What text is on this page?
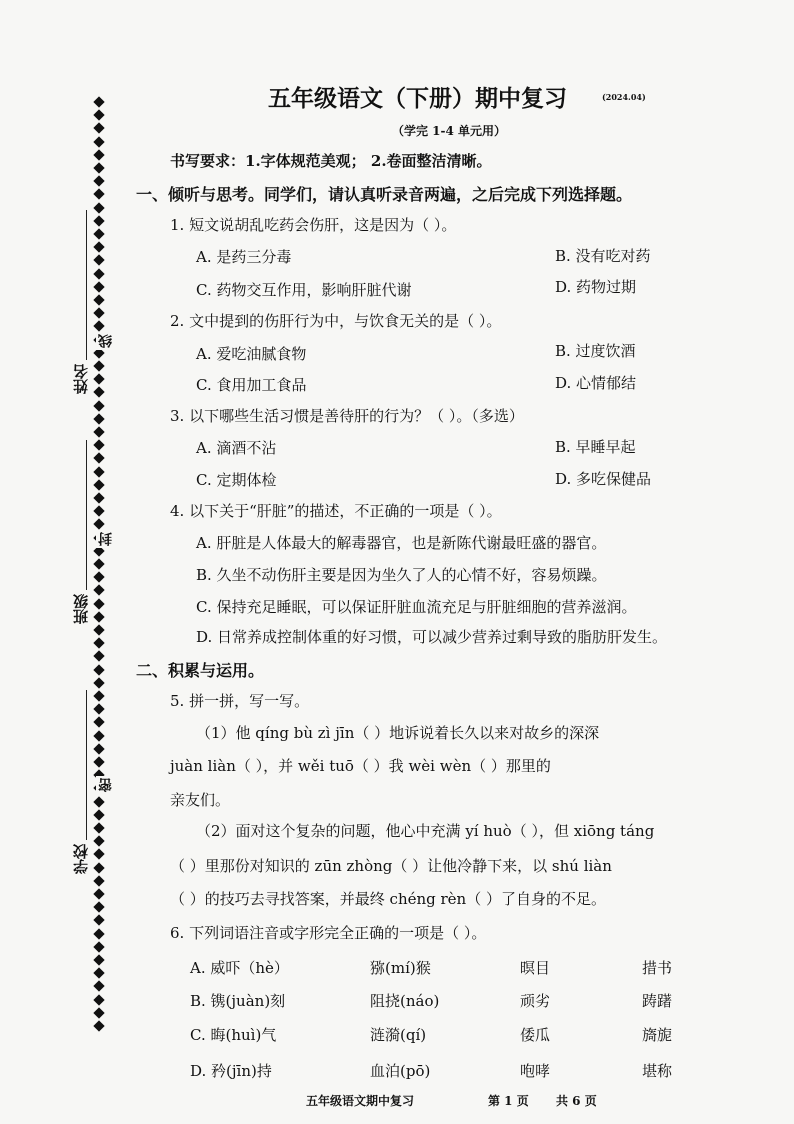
姓名
班级
学校
线
封
密
五年级语文（下册）期中复习	(2024.04)
（学完 1-4 单元用）
书写要求：1.字体规范美观； 2.卷面整洁清晰。
一、倾听与思考。同学们，请认真听录音两遍，之后完成下列选择题。
1. 短文说胡乱吃药会伤肝，这是因为（ ）。
A. 是药三分毒	B. 没有吃对药
C. 药物交互作用，影响肝脏代谢	D. 药物过期
2. 文中提到的伤肝行为中，与饮食无关的是（ ）。
A. 爱吃油腻食物	B. 过度饮酒
C. 食用加工食品	D. 心情郁结
3. 以下哪些生活习惯是善待肝的行为？（ ）。（多选）
A. 滴酒不沾	B. 早睡早起
C. 定期体检	D. 多吃保健品
4. 以下关于“肝脏”的描述，不正确的一项是（ ）。
A. 肝脏是人体最大的解毒器官，也是新陈代谢最旺盛的器官。
B. 久坐不动伤肝主要是因为坐久了人的心情不好，容易烦躁。
C. 保持充足睡眠，可以保证肝脏血流充足与肝脏细胞的营养滋润。
D. 日常养成控制体重的好习惯，可以减少营养过剩导致的脂肪肝发生。
二、积累与运用。
5. 拼一拼，写一写。
（1）他 qíng bù zì jīn（ ）地诉说着长久以来对故乡的深深
juàn liàn（ ），并 wěi tuō（ ）我 wèi wèn（ ）那里的
亲友们。
（2）面对这个复杂的问题，他心中充满 yí huò（ ），但 xiōng táng
（ ）里那份对知识的 zūn zhòng（ ）让他冷静下来，以 shú liàn
（ ）的技巧去寻找答案，并最终 chéng rèn（ ）了自身的不足。
6. 下列词语注音或字形完全正确的一项是（ ）。
A. 威吓（hè）	猕(mí)猴	暝目	措书
B. 镌(juàn)刻	阻挠(náo)	顽劣	踌躇
C. 晦(huì)气	涟漪(qí)	倭瓜	旖旎
D. 矜(jīn)持	血泊(pō)	咆哮	堪称
五年级语文期中复习	第 1 页 共 6 页
